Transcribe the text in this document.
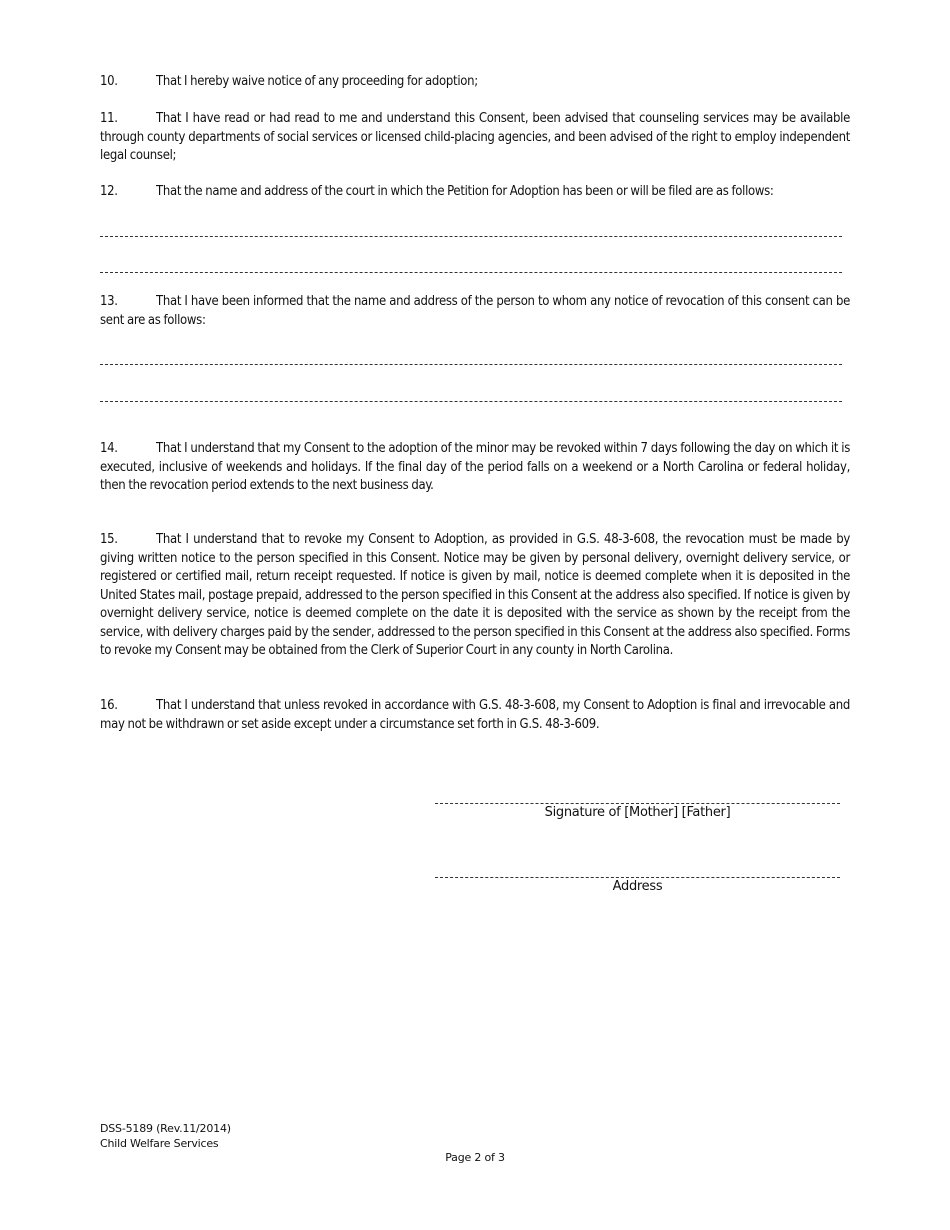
10.	That I hereby waive notice of any proceeding for adoption;
11.	That I have read or had read to me and understand this Consent, been advised that counseling services may be available through county departments of social services or licensed child-placing agencies, and been advised of the right to employ independent legal counsel;
12.	That the name and address of the court in which the Petition for Adoption has been or will be filed are as follows:
13.	That I have been informed that the name and address of the person to whom any notice of revocation of this consent can be sent are as follows:
14.	That I understand that my Consent to the adoption of the minor may be revoked within 7 days following the day on which it is executed, inclusive of weekends and holidays. If the final day of the period falls on a weekend or a North Carolina or federal holiday, then the revocation period extends to the next business day.
15.	That I understand that to revoke my Consent to Adoption, as provided in G.S. 48-3-608, the revocation must be made by giving written notice to the person specified in this Consent. Notice may be given by personal delivery, overnight delivery service, or registered or certified mail, return receipt requested. If notice is given by mail, notice is deemed complete when it is deposited in the United States mail, postage prepaid, addressed to the person specified in this Consent at the address also specified. If notice is given by overnight delivery service, notice is deemed complete on the date it is deposited with the service as shown by the receipt from the service, with delivery charges paid by the sender, addressed to the person specified in this Consent at the address also specified. Forms to revoke my Consent may be obtained from the Clerk of Superior Court in any county in North Carolina.
16.	That I understand that unless revoked in accordance with G.S. 48-3-608, my Consent to Adoption is final and irrevocable and may not be withdrawn or set aside except under a circumstance set forth in G.S. 48-3-609.
Signature of [Mother] [Father]
Address
DSS-5189 (Rev.11/2014)
Child Welfare Services
Page 2 of 3
